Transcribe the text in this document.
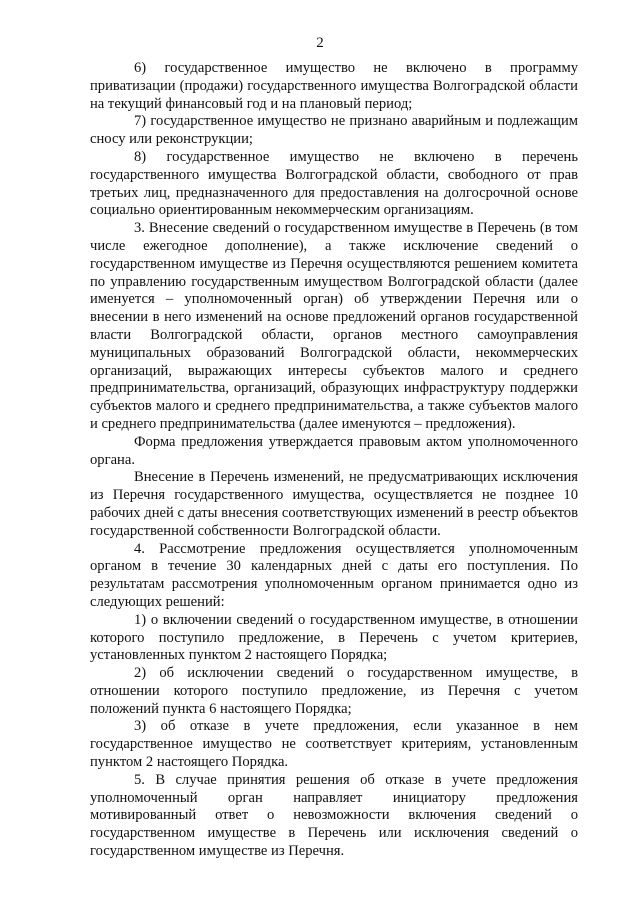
2

6) государственное имущество не включено в программу приватизации (продажи) государственного имущества Волгоградской области на текущий финансовый год и на плановый период;

7) государственное имущество не признано аварийным и подлежащим сносу или реконструкции;

8) государственное имущество не включено в перечень государственного имущества Волгоградской области, свободного от прав третьих лиц, предназначенного для предоставления на долгосрочной основе социально ориентированным некоммерческим организациям.

3. Внесение сведений о государственном имуществе в Перечень (в том числе ежегодное дополнение), а также исключение сведений о государственном имуществе из Перечня осуществляются решением комитета по управлению государственным имуществом Волгоградской области (далее именуется – уполномоченный орган) об утверждении Перечня или о внесении в него изменений на основе предложений органов государственной власти Волгоградской области, органов местного самоуправления муниципальных образований Волгоградской области, некоммерческих организаций, выражающих интересы субъектов малого и среднего предпринимательства, организаций, образующих инфраструктуру поддержки субъектов малого и среднего предпринимательства, а также субъектов малого и среднего предпринимательства (далее именуются – предложения).

Форма предложения утверждается правовым актом уполномоченного органа.

Внесение в Перечень изменений, не предусматривающих исключения из Перечня государственного имущества, осуществляется не позднее 10 рабочих дней с даты внесения соответствующих изменений в реестр объектов государственной собственности Волгоградской области.

4. Рассмотрение предложения осуществляется уполномоченным органом в течение 30 календарных дней с даты его поступления. По результатам рассмотрения уполномоченным органом принимается одно из следующих решений:

1) о включении сведений о государственном имуществе, в отношении которого поступило предложение, в Перечень с учетом критериев, установленных пунктом 2 настоящего Порядка;

2) об исключении сведений о государственном имуществе, в отношении которого поступило предложение, из Перечня с учетом положений пункта 6 настоящего Порядка;

3) об отказе в учете предложения, если указанное в нем государственное имущество не соответствует критериям, установленным пунктом 2 настоящего Порядка.

5. В случае принятия решения об отказе в учете предложения уполномоченный орган направляет инициатору предложения мотивированный ответ о невозможности включения сведений о государственном имуществе в Перечень или исключения сведений о государственном имуществе из Перечня.
